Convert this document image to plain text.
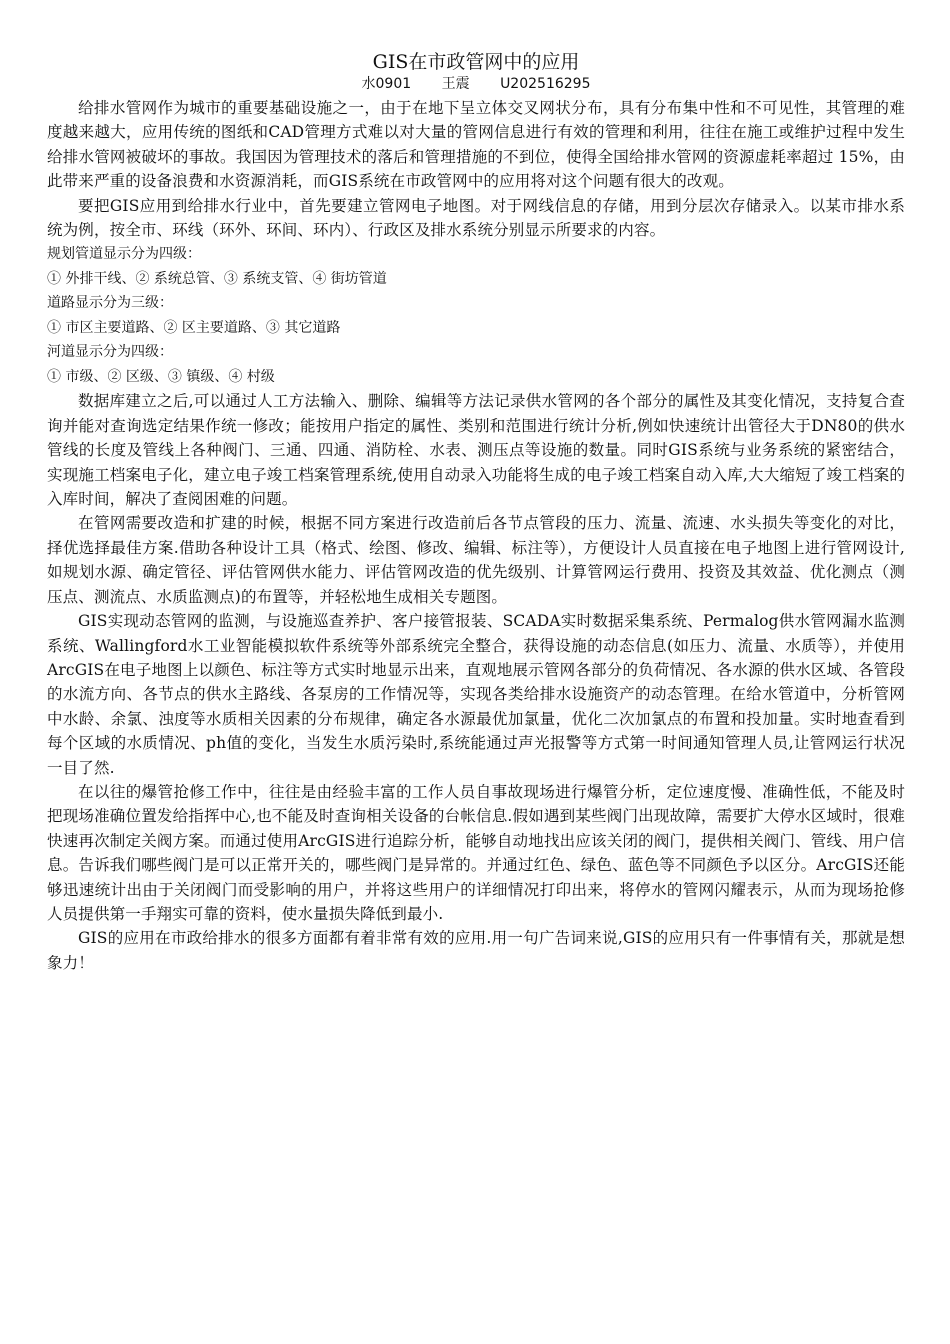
GIS在市政管网中的应用
水0901 王震 U202516295

给排水管网作为城市的重要基础设施之一，由于在地下呈立体交叉网状分布，具有分布集中性和不可见性，其管理的难度越来越大，应用传统的图纸和CAD管理方式难以对大量的管网信息进行有效的管理和利用，往往在施工或维护过程中发生给排水管网被破坏的事故。我国因为管理技术的落后和管理措施的不到位，使得全国给排水管网的资源虚耗率超过 15%，由此带来严重的设备浪费和水资源消耗，而GIS系统在市政管网中的应用将对这个问题有很大的改观。

要把GIS应用到给排水行业中，首先要建立管网电子地图。对于网线信息的存储，用到分层次存储录入。以某市排水系统为例，按全市、环线（环外、环间、环内）、行政区及排水系统分别显示所要求的内容。

规划管道显示分为四级：

① 外排干线、② 系统总管、③ 系统支管、④ 街坊管道

道路显示分为三级：

① 市区主要道路、② 区主要道路、③ 其它道路

河道显示分为四级：

① 市级、② 区级、③ 镇级、④ 村级

数据库建立之后,可以通过人工方法输入、删除、编辑等方法记录供水管网的各个部分的属性及其变化情况，支持复合查询并能对查询选定结果作统一修改；能按用户指定的属性、类别和范围进行统计分析,例如快速统计出管径大于DN80的供水管线的长度及管线上各种阀门、三通、四通、消防栓、水表、测压点等设施的数量。同时GIS系统与业务系统的紧密结合，实现施工档案电子化，建立电子竣工档案管理系统,使用自动录入功能将生成的电子竣工档案自动入库,大大缩短了竣工档案的入库时间，解决了查阅困难的问题。

在管网需要改造和扩建的时候，根据不同方案进行改造前后各节点管段的压力、流量、流速、水头损失等变化的对比，择优选择最佳方案.借助各种设计工具（格式、绘图、修改、编辑、标注等），方便设计人员直接在电子地图上进行管网设计,如规划水源、确定管径、评估管网供水能力、评估管网改造的优先级别、计算管网运行费用、投资及其效益、优化测点（测压点、测流点、水质监测点)的布置等，并轻松地生成相关专题图。

GIS实现动态管网的监测，与设施巡查养护、客户接管报装、SCADA实时数据采集系统、Permalog供水管网漏水监测系统、Wallingford水工业智能模拟软件系统等外部系统完全整合，获得设施的动态信息(如压力、流量、水质等），并使用ArcGIS在电子地图上以颜色、标注等方式实时地显示出来，直观地展示管网各部分的负荷情况、各水源的供水区域、各管段的水流方向、各节点的供水主路线、各泵房的工作情况等，实现各类给排水设施资产的动态管理。在给水管道中，分析管网中水龄、余氯、浊度等水质相关因素的分布规律，确定各水源最优加氯量，优化二次加氯点的布置和投加量。实时地查看到每个区域的水质情况、ph值的变化，当发生水质污染时,系统能通过声光报警等方式第一时间通知管理人员,让管网运行状况一目了然.

在以往的爆管抢修工作中，往往是由经验丰富的工作人员自事故现场进行爆管分析，定位速度慢、准确性低，不能及时把现场准确位置发给指挥中心,也不能及时查询相关设备的台帐信息.假如遇到某些阀门出现故障，需要扩大停水区域时，很难快速再次制定关阀方案。而通过使用ArcGIS进行追踪分析，能够自动地找出应该关闭的阀门，提供相关阀门、管线、用户信息。告诉我们哪些阀门是可以正常开关的，哪些阀门是异常的。并通过红色、绿色、蓝色等不同颜色予以区分。ArcGIS还能够迅速统计出由于关闭阀门而受影响的用户，并将这些用户的详细情况打印出来，将停水的管网闪耀表示，从而为现场抢修人员提供第一手翔实可靠的资料，使水量损失降低到最小.

GIS的应用在市政给排水的很多方面都有着非常有效的应用.用一句广告词来说,GIS的应用只有一件事情有关，那就是想象力！
